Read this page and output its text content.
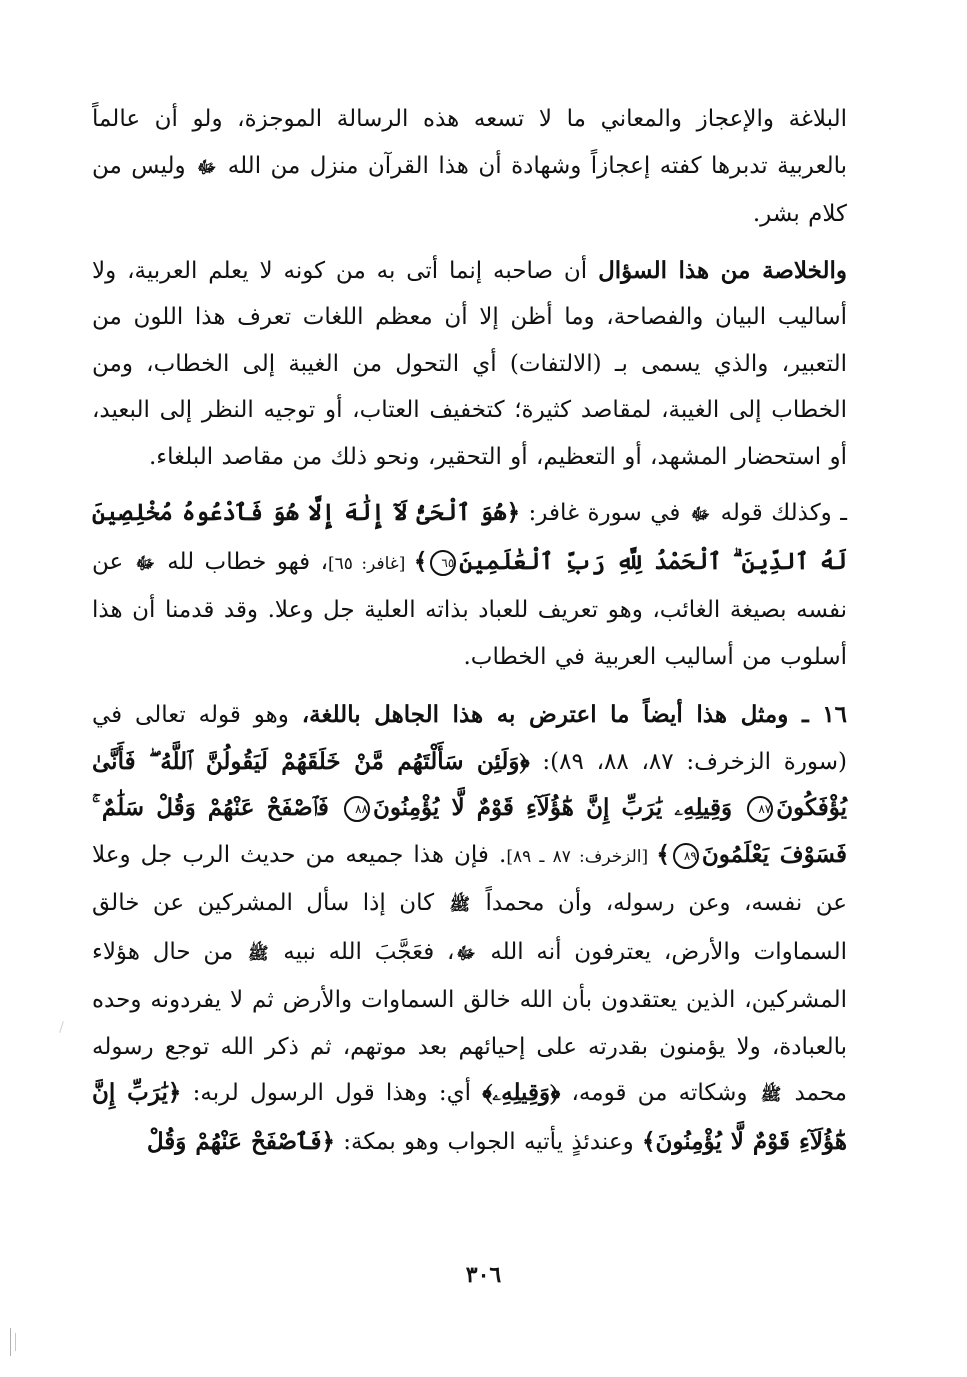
البلاغة والإعجاز والمعاني ما لا تسعه هذه الرسالة الموجزة، ولو أن عالماً بالعربية تدبرها كفته إعجازاً وشهادة أن هذا القرآن منزل من الله ﷻ وليس من كلام بشر.

والخلاصة من هذا السؤال أن صاحبه إنما أتى به من كونه لا يعلم العربية، ولا أساليب البيان والفصاحة، وما أظن إلا أن معظم اللغات تعرف هذا اللون من التعبير، والذي يسمى بـ (الالتفات) أي التحول من الغيبة إلى الخطاب، ومن الخطاب إلى الغيبة، لمقاصد كثيرة؛ كتخفيف العتاب، أو توجيه النظر إلى البعيد، أو استحضار المشهد، أو التعظيم، أو التحقير، ونحو ذلك من مقاصد البلغاء.

ـ وكذلك قوله ﷻ في سورة غافر: ﴿هُوَ ٱلْحَىُّ لَآ إِلَٰهَ إِلَّا هُوَ فَٱدْعُوهُ مُخْلِصِينَ لَهُ ٱلدِّينَ ۗ ٱلْحَمْدُ لِلَّهِ رَبِّ ٱلْعَٰلَمِينَ٦٥﴾ [غافر: ٦٥]، فهو خطاب لله ﷻ عن نفسه بصيغة الغائب، وهو تعريف للعباد بذاته العلية جل وعلا. وقد قدمنا أن هذا أسلوب من أساليب العربية في الخطاب.

١٦ ـ ومثل هذا أيضاً ما اعترض به هذا الجاهل باللغة، وهو قوله تعالى في (سورة الزخرف: ٨٧، ٨٨، ٨٩): ﴿وَلَئِن سَأَلْتَهُم مَّنْ خَلَقَهُمْ لَيَقُولُنَّ ٱللَّهُ ۖ فَأَنَّىٰ يُؤْفَكُونَ٨٧ وَقِيلِهِۦ يَٰرَبِّ إِنَّ هَٰٓؤُلَآءِ قَوْمٌ لَّا يُؤْمِنُونَ٨٨ فَٱصْفَحْ عَنْهُمْ وَقُلْ سَلَٰمٌ ۚ فَسَوْفَ يَعْلَمُونَ٨٩﴾ [الزخرف: ٨٧ ـ ٨٩]. فإن هذا جميعه من حديث الرب جل وعلا عن نفسه، وعن رسوله، وأن محمداً ﷺ كان إذا سأل المشركين عن خالق السماوات والأرض، يعترفون أنه الله ﷻ، فعَجَّبَ الله نبيه ﷺ من حال هؤلاء المشركين، الذين يعتقدون بأن الله خالق السماوات والأرض ثم لا يفردونه وحده بالعبادة، ولا يؤمنون بقدرته على إحيائهم بعد موتهم، ثم ذكر الله توجع رسوله محمد ﷺ وشكاته من قومه، ﴿وَقِيلِهِۦ﴾ أي: وهذا قول الرسول لربه: ﴿يَٰرَبِّ إِنَّ هَٰٓؤُلَآءِ قَوْمٌ لَّا يُؤْمِنُونَ﴾ وعندئذٍ يأتيه الجواب وهو بمكة: ﴿فَٱصْفَحْ عَنْهُمْ وَقُلْ

٣٠٦
